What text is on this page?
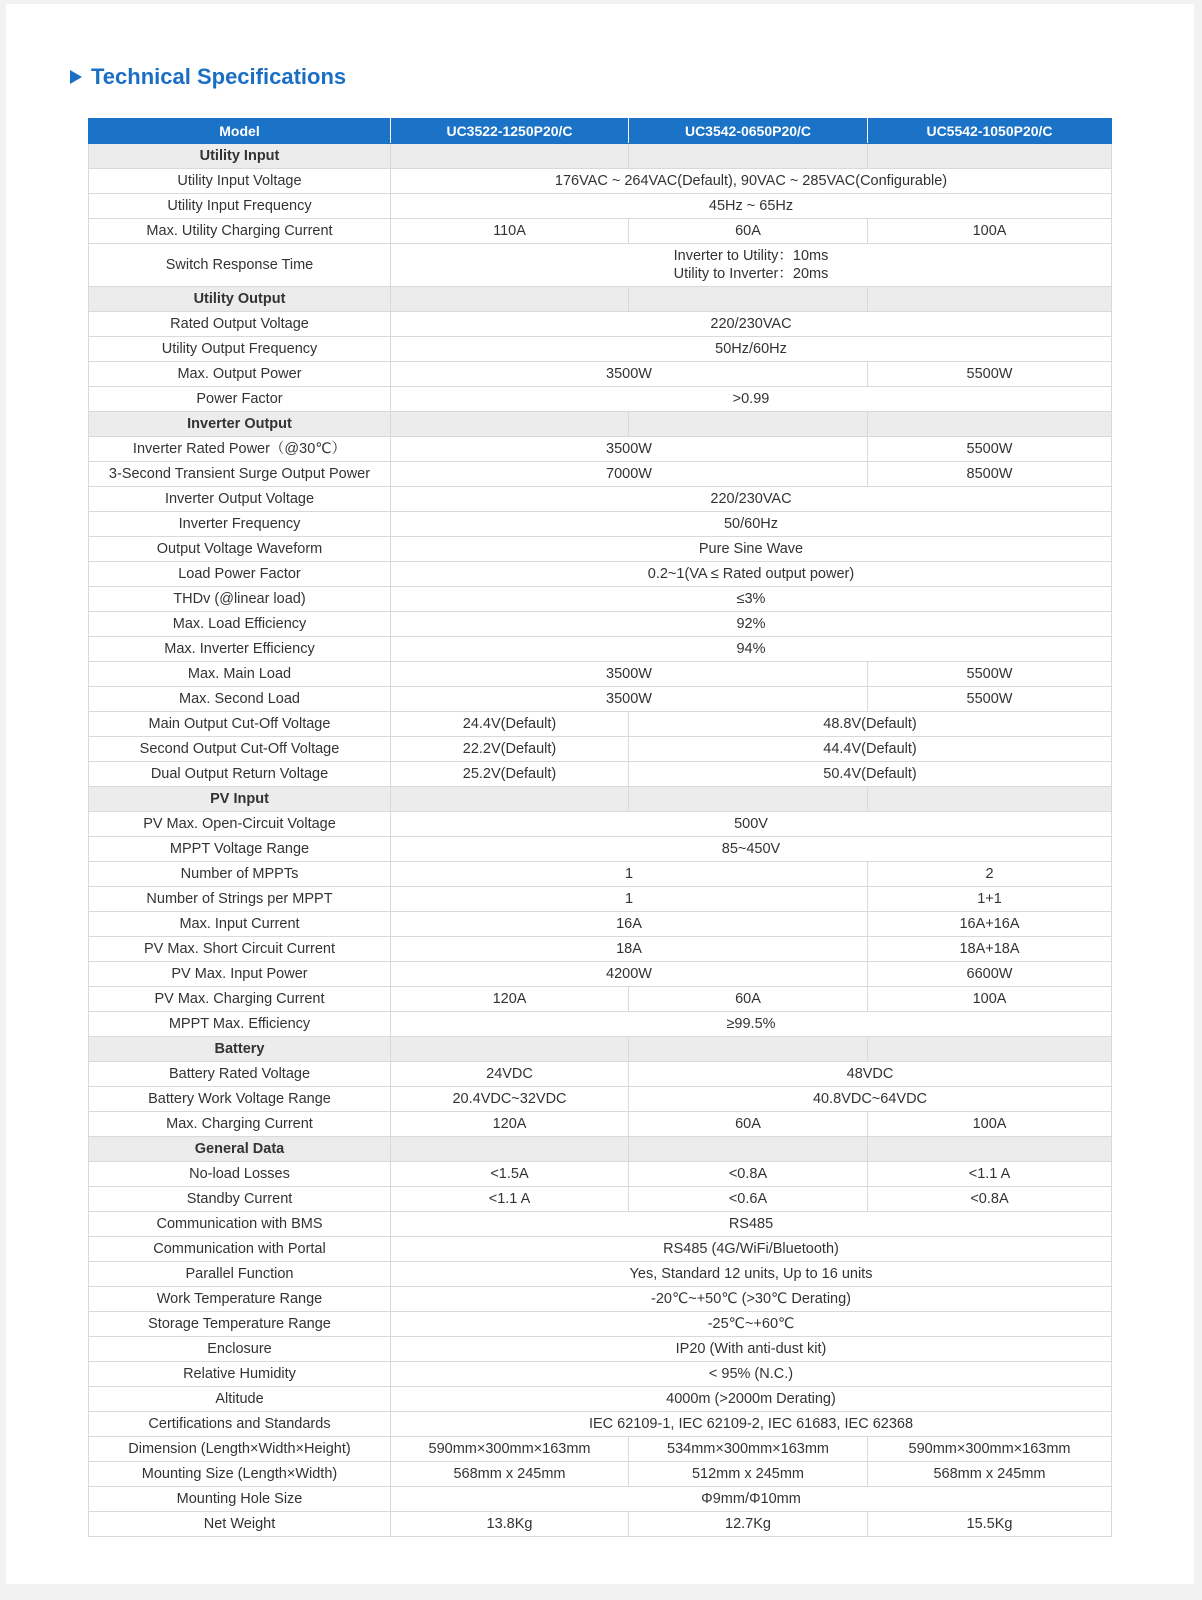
Technical Specifications
Model	UC3522-1250P20/C	UC3542-0650P20/C	UC5542-1050P20/C
Utility Input			
Utility Input Voltage	176VAC ~ 264VAC(Default), 90VAC ~ 285VAC(Configurable)		
Utility Input Frequency	45Hz ~ 65Hz		
Max. Utility Charging Current	110A	60A	100A
Switch Response Time	Inverter to Utility：10ms
Utility to Inverter：20ms		

Utility Output			
Rated Output Voltage	220/230VAC		
Utility Output Frequency	50Hz/60Hz		
Max. Output Power	3500W		5500W
Power Factor	>0.99		
Inverter Output			
Inverter Rated Power（@30℃）	3500W		5500W
3-Second Transient Surge Output Power	7000W		8500W
Inverter Output Voltage	220/230VAC		
Inverter Frequency	50/60Hz		
Output Voltage Waveform	Pure Sine Wave		
Load Power Factor	0.2~1(VA ≤ Rated output power)		
THDv (@linear load)	≤3%		
Max. Load Efficiency	92%		
Max. Inverter Efficiency	94%		
Max. Main Load	3500W		5500W
Max. Second Load	3500W		5500W
Main Output Cut-Off Voltage	24.4V(Default)	48.8V(Default)	
Second Output Cut-Off Voltage	22.2V(Default)	44.4V(Default)	
Dual Output Return Voltage	25.2V(Default)	50.4V(Default)	
PV Input			
PV Max. Open-Circuit Voltage	500V		
MPPT Voltage Range	85~450V		
Number of MPPTs	1		2
Number of Strings per MPPT	1		1+1
Max. Input Current	16A		16A+16A
PV Max. Short Circuit Current	18A		18A+18A
PV Max. Input Power	4200W		6600W
PV Max. Charging Current	120A	60A	100A
MPPT Max. Efficiency	≥99.5%		
Battery			
Battery Rated Voltage	24VDC	48VDC	
Battery Work Voltage Range	20.4VDC~32VDC	40.8VDC~64VDC	
Max. Charging Current	120A	60A	100A
General Data			
No-load Losses	<1.5A	<0.8A	<1.1 A
Standby Current	<1.1 A	<0.6A	<0.8A
Communication with BMS	RS485		
Communication with Portal	RS485 (4G/WiFi/Bluetooth)		
Parallel Function	Yes, Standard 12 units, Up to 16 units		
Work Temperature Range	-20℃~+50℃ (>30℃ Derating)		
Storage Temperature Range	-25℃~+60℃		
Enclosure	IP20 (With anti-dust kit)		
Relative Humidity	< 95% (N.C.)		
Altitude	4000m (>2000m Derating)		
Certifications and Standards	IEC 62109-1, IEC 62109-2, IEC 61683, IEC 62368		
Dimension (Length×Width×Height)	590mm×300mm×163mm	534mm×300mm×163mm	590mm×300mm×163mm
Mounting Size (Length×Width)	568mm x 245mm	512mm x 245mm	568mm x 245mm
Mounting Hole Size	Φ9mm/Φ10mm		
Net Weight	13.8Kg	12.7Kg	15.5Kg
